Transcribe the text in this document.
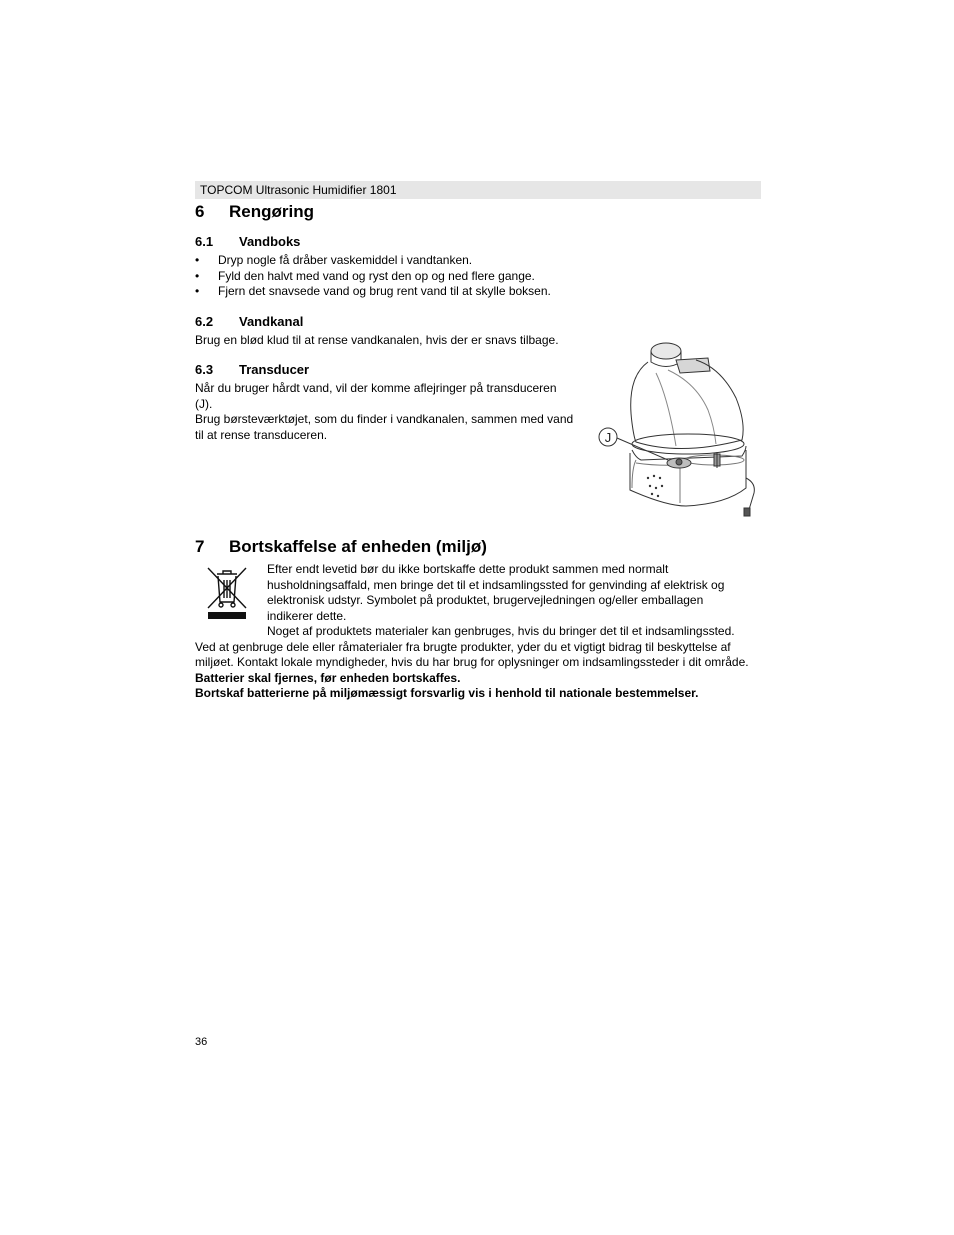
TOPCOM Ultrasonic Humidifier 1801
6 Rengøring
6.1 Vandboks
• Dryp nogle få dråber vaskemiddel i vandtanken.
• Fyld den halvt med vand og ryst den op og ned flere gange.
• Fjern det snavsede vand og brug rent vand til at skylle boksen.
6.2 Vandkanal
Brug en blød klud til at rense vandkanalen, hvis der er snavs tilbage.
6.3 Transducer
Når du bruger hårdt vand, vil der komme aflejringer på transduceren
(J).
Brug børsteværktøjet, som du finder i vandkanalen, sammen med vand
til at rense transduceren.	J
7 Bortskaffelse af enheden (miljø)
Efter endt levetid bør du ikke bortskaffe dette produkt sammen med normalt
husholdningsaffald, men bringe det til et indsamlingssted for genvinding af elektrisk og
elektronisk udstyr. Symbolet på produktet, brugervejledningen og/eller emballagen
indikerer dette.
Noget af produktets materialer kan genbruges, hvis du bringer det til et indsamlingssted.
Ved at genbruge dele eller råmaterialer fra brugte produkter, yder du et vigtigt bidrag til beskyttelse af
miljøet. Kontakt lokale myndigheder, hvis du har brug for oplysninger om indsamlingssteder i dit område.
Batterier skal fjernes, før enheden bortskaffes.
Bortskaf batterierne på miljømæssigt forsvarlig vis i henhold til nationale bestemmelser.
36
